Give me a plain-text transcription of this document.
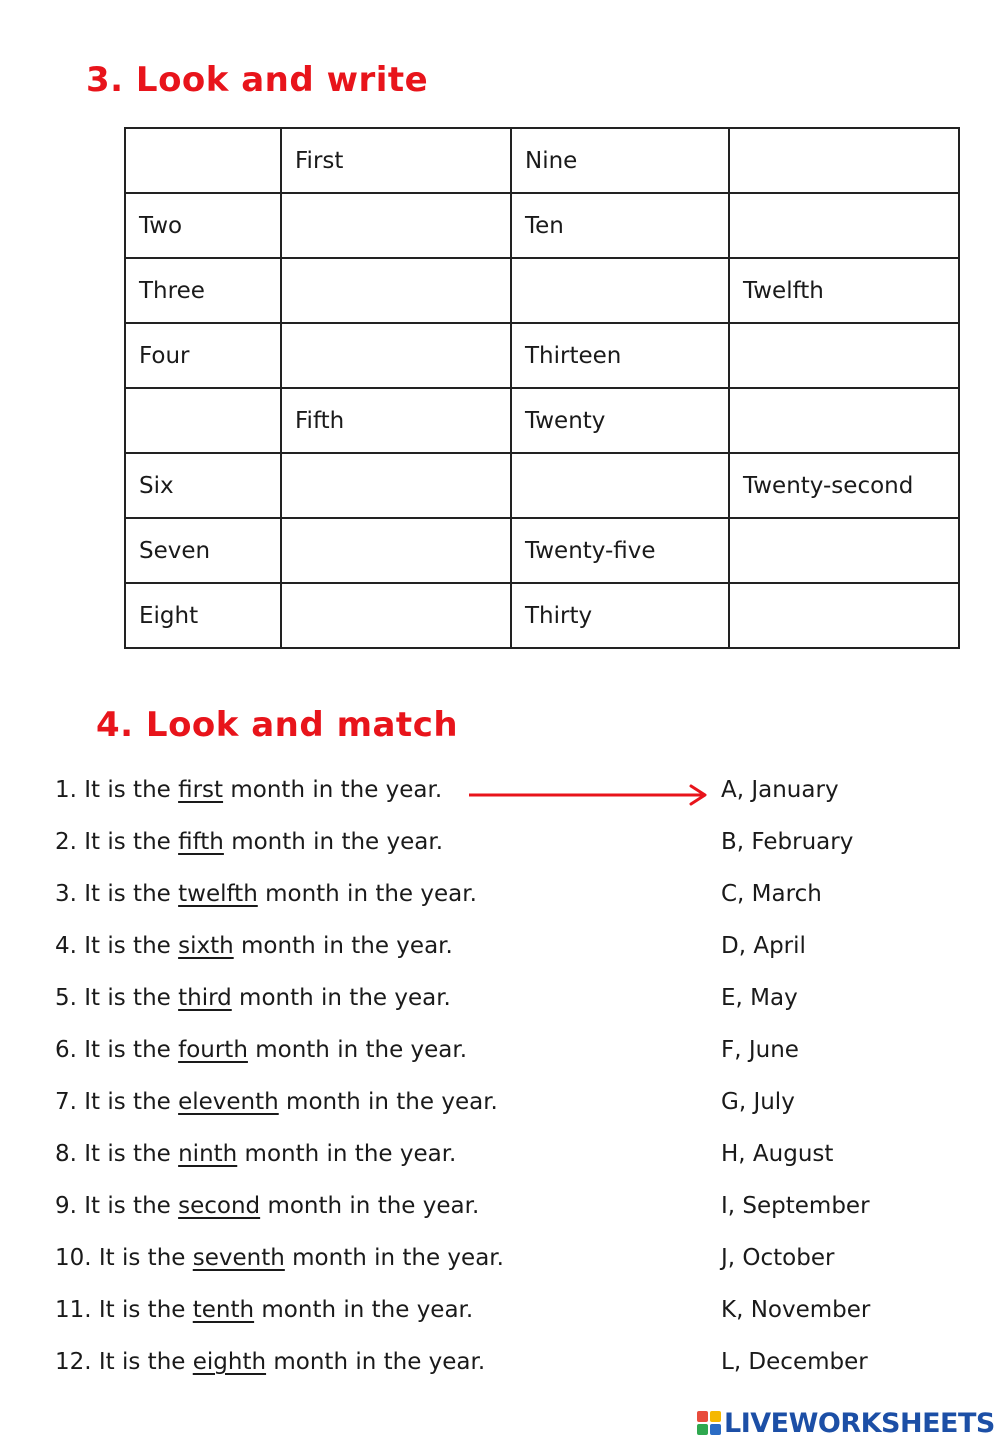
3. Look and write
	First	Nine	
Two		Ten	
Three			Twelfth
Four		Thirteen	
	Fifth	Twenty	
Six			Twenty-second
Seven		Twenty-five	
Eight		Thirty	
4. Look and match
1. It is the first month in the year.
2. It is the fifth month in the year.
3. It is the twelfth month in the year.
4. It is the sixth month in the year.
5. It is the third month in the year.
6. It is the fourth month in the year.
7. It is the eleventh month in the year.
8. It is the ninth month in the year.
9. It is the second month in the year.
10. It is the seventh month in the year.
11. It is the tenth month in the year.
12. It is the eighth month in the year.
A, January
B, February
C, March
D, April
E, May
F, June
G, July
H, August
I, September
J, October
K, November
L, December
LIVEWORKSHEETS
